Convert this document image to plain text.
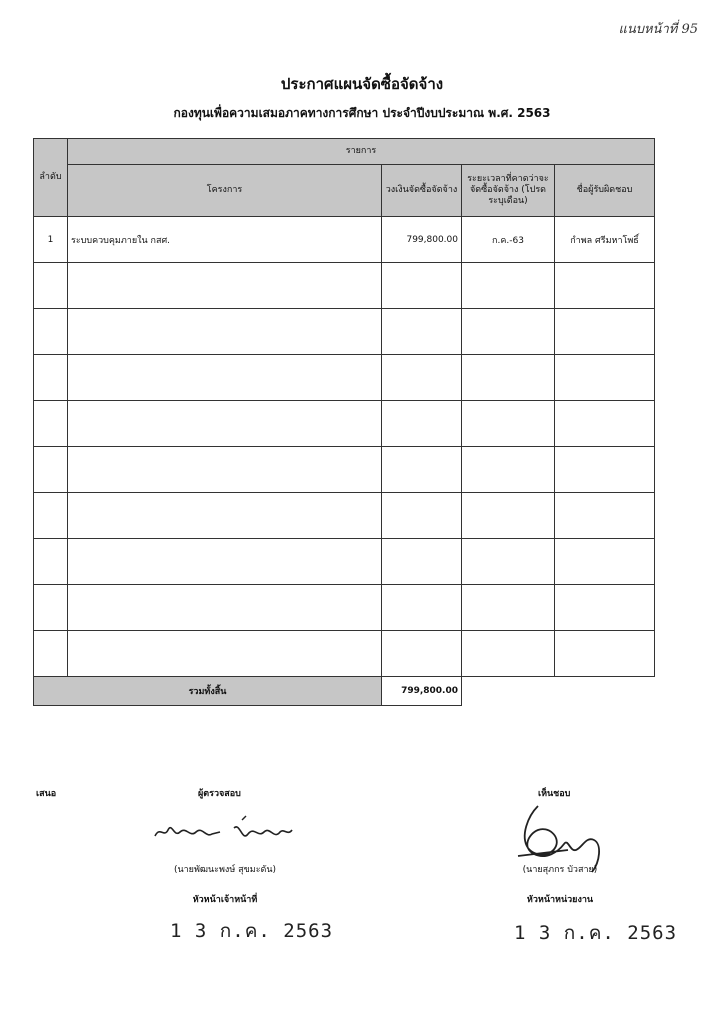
แนบหน้าที่ 95
ประกาศแผนจัดซื้อจัดจ้าง
กองทุนเพื่อความเสมอภาคทางการศึกษา ประจำปีงบประมาณ พ.ศ. 2563
ลำดับ	รายการ		
	โครงการ	วงเงินจัดซื้อจัดจ้าง	ระยะเวลาที่คาดว่าจะจัดซื้อจัดจ้าง (โปรดระบุเดือน)	ชื่อผู้รับผิดชอบ
1	ระบบควบคุมภายใน กสศ.	799,800.00	ก.ค.-63	กำพล ศรีมหาโพธิ์

รวมทั้งสิ้น		799,800.00		
เสนอ	ผู้ตรวจสอบ
(นายพัฒนะพงษ์ สุขมะดัน)
หัวหน้าเจ้าหน้าที่
1 3 ก.ค. 2563
เห็นชอบ
(นายสุภกร บัวสาย)
หัวหน้าหน่วยงาน
1 3 ก.ค. 2563
